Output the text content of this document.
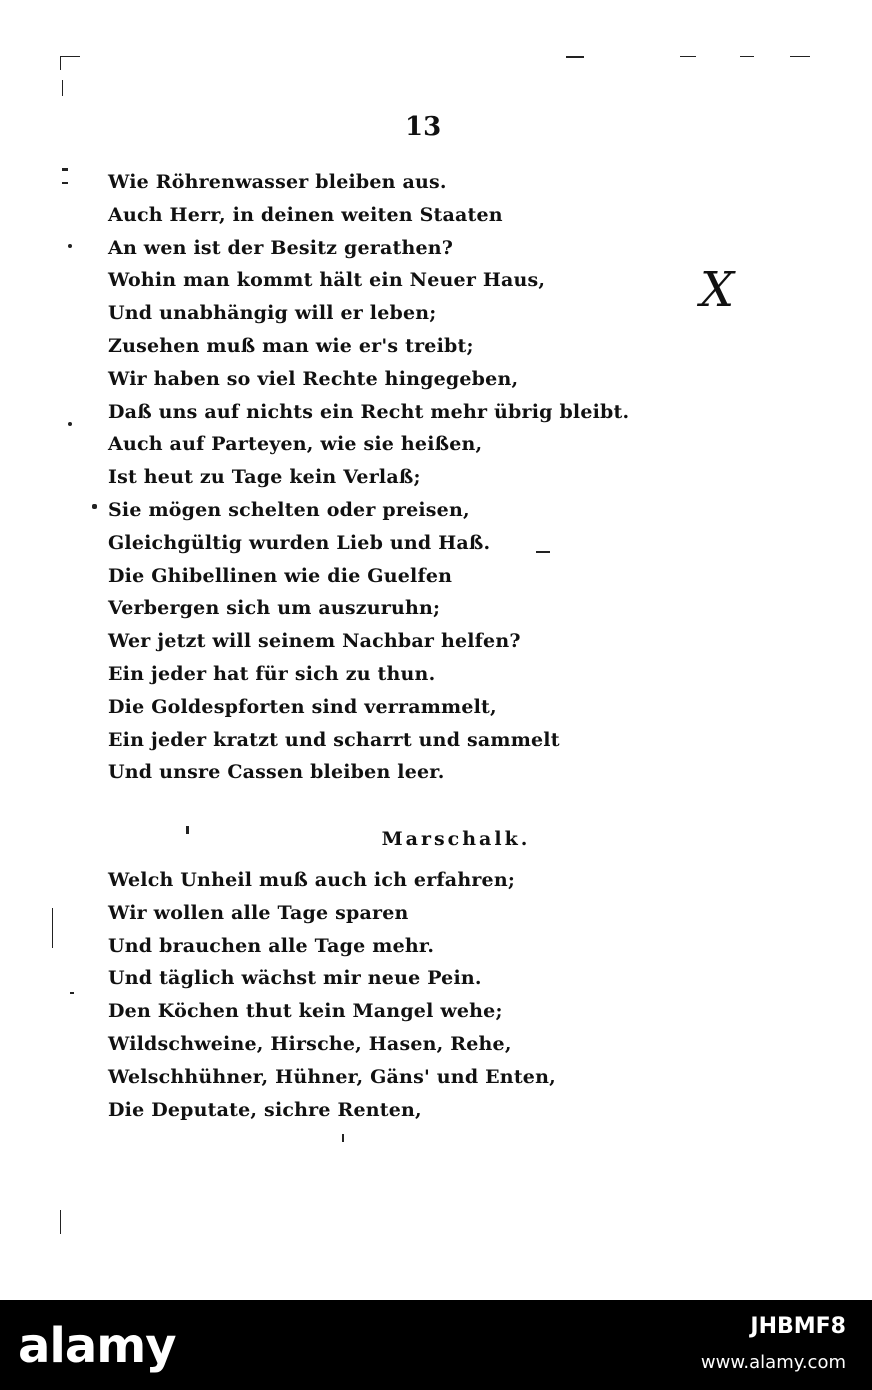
13
Wie Röhrenwasser bleiben aus.
Auch Herr, in deinen weiten Staaten
An wen ist der Besitz gerathen?
Wohin man kommt hält ein Neuer Haus,
Und unabhängig will er leben;
Zusehen muß man wie er's treibt;
Wir haben so viel Rechte hingegeben,
Daß uns auf nichts ein Recht mehr übrig bleibt.
Auch auf Parteyen, wie sie heißen,
Ist heut zu Tage kein Verlaß;
Sie mögen schelten oder preisen,
Gleichgültig wurden Lieb und Haß.
Die Ghibellinen wie die Guelfen
Verbergen sich um auszuruhn;
Wer jetzt will seinem Nachbar helfen?
Ein jeder hat für sich zu thun.
Die Goldespforten sind verrammelt,
Ein jeder kratzt und scharrt und sammelt
Und unsre Cassen bleiben leer.
Marschalk.
Welch Unheil muß auch ich erfahren;
Wir wollen alle Tage sparen
Und brauchen alle Tage mehr.
Und täglich wächst mir neue Pein.
Den Köchen thut kein Mangel wehe;
Wildschweine, Hirsche, Hasen, Rehe,
Welschhühner, Hühner, Gäns' und Enten,
Die Deputate, sichre Renten,
X
alamy	JHBMF8
www.alamy.com
